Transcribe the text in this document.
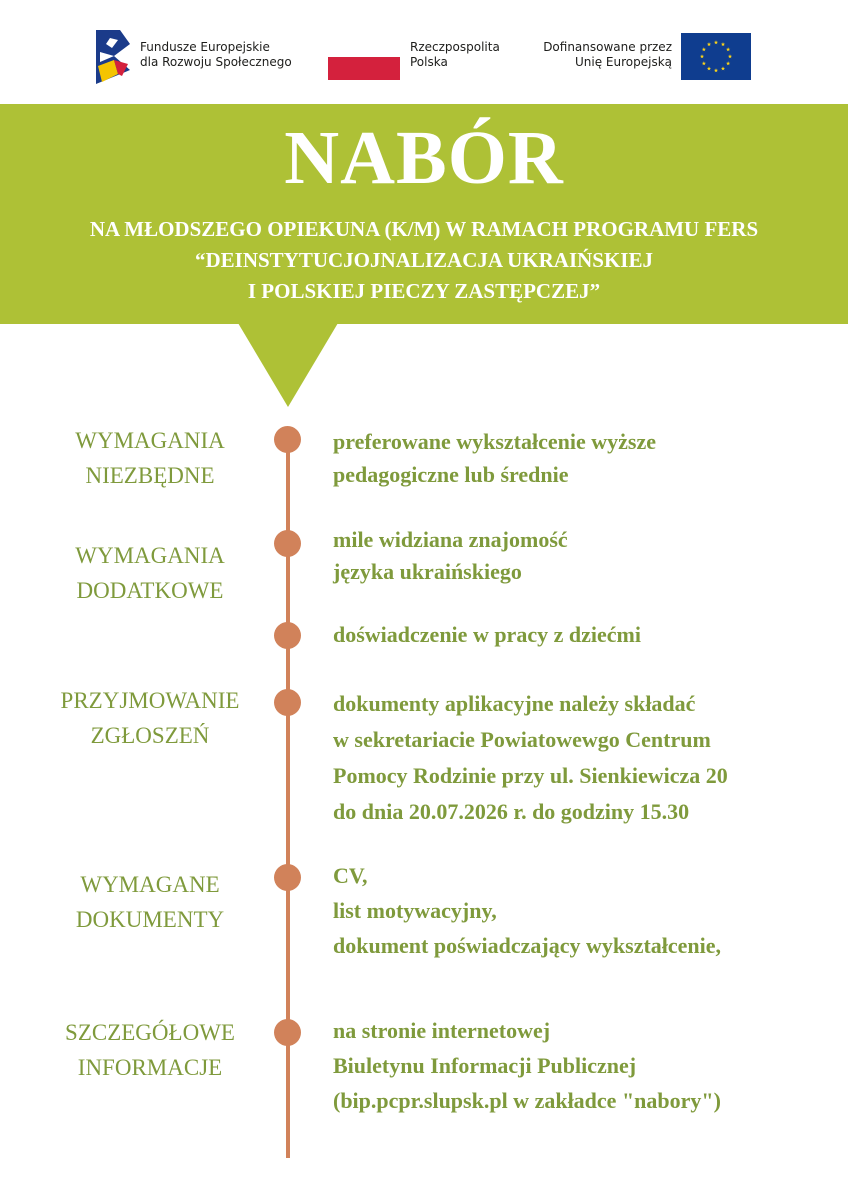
Fundusze Europejskie
dla Rozwoju Społecznego
Rzeczpospolita
Polska
Dofinansowane przez
Unię Europejską
NABÓR
NA MŁODSZEGO OPIEKUNA (K/M) W RAMACH PROGRAMU FERS
“DEINSTYTUCJOJNALIZACJA UKRAIŃSKIEJ
I POLSKIEJ PIECZY ZASTĘPCZEJ”
WYMAGANIA
NIEZBĘDNE
preferowane wykształcenie wyższe
pedagogiczne lub średnie
WYMAGANIA
DODATKOWE
mile widziana znajomość
języka ukraińskiego
doświadczenie w pracy z dziećmi
PRZYJMOWANIE
ZGŁOSZEŃ
dokumenty aplikacyjne należy składać
w sekretariacie Powiatowewgo Centrum
Pomocy Rodzinie przy ul. Sienkiewicza 20
do dnia 20.07.2026 r. do godziny 15.30
WYMAGANE
DOKUMENTY
CV,
list motywacyjny,
dokument poświadczający wykształcenie,
SZCZEGÓŁOWE
INFORMACJE
na stronie internetowej
Biuletynu Informacji Publicznej
(bip.pcpr.slupsk.pl w zakładce "nabory")
